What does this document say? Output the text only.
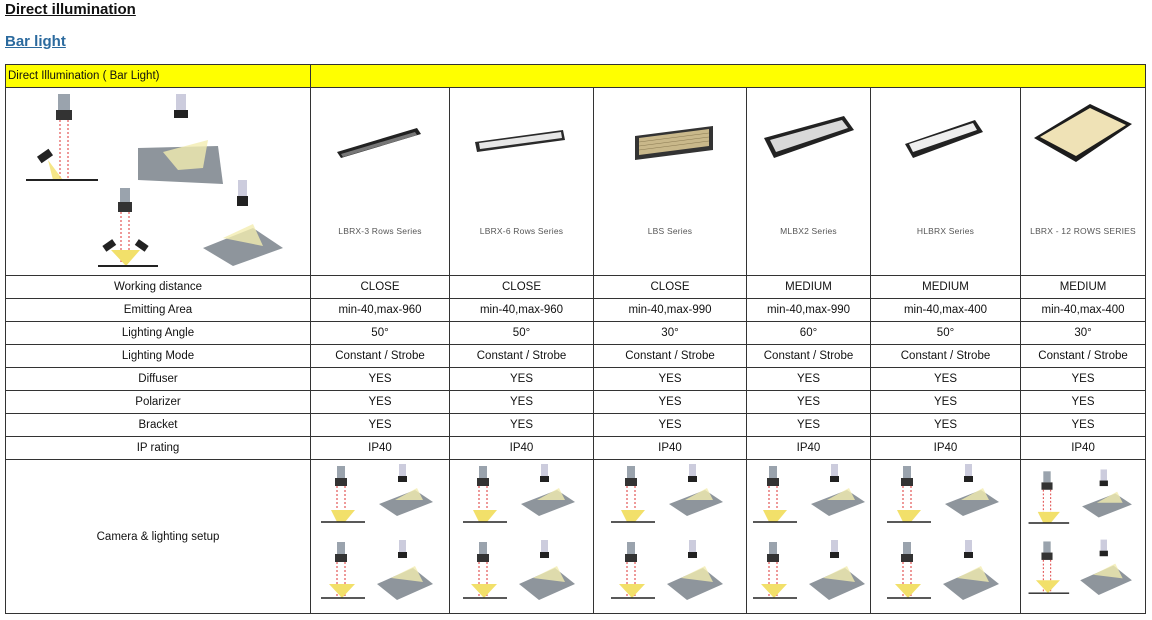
Direct illumination
Bar light
Direct Illumination ( Bar Light)						

LBRX-3 Rows Series	LBRX-6 Rows Series	LBS Series	MLBX2 Series	HLBRX Series	LBRX - 12 ROWS SERIES

Working distance	CLOSE	CLOSE	CLOSE	MEDIUM	MEDIUM	MEDIUM
Emitting Area	min-40,max-960	min-40,max-960	min-40,max-990	min-40,max-990	min-40,max-400	min-40,max-400
Lighting Angle	50°	50°	30°	60°	50°	30°
Lighting Mode	Constant / Strobe	Constant / Strobe	Constant / Strobe	Constant / Strobe	Constant / Strobe	Constant / Strobe
Diffuser	YES	YES	YES	YES	YES	YES
Polarizer	YES	YES	YES	YES	YES	YES
Bracket	YES	YES	YES	YES	YES	YES
IP rating	IP40	IP40	IP40	IP40	IP40	IP40
Camera & lighting setup						
